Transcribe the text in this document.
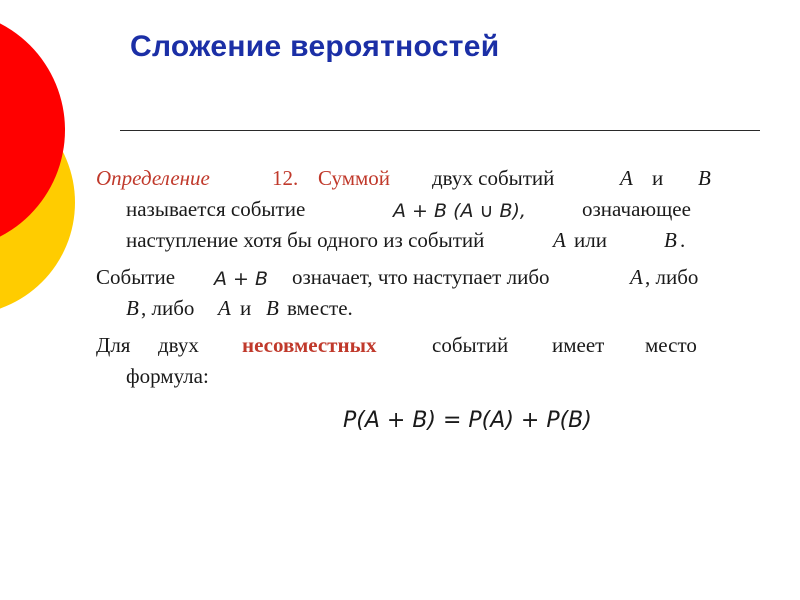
Сложение вероятностей
Определение	12. Суммой двух событий	A и B
называется событие	A + B (A ∪ B),	означающее
наступление хотя бы одного из событий	A или	B .
Событие A + B означает, что наступает либо	A , либо
B , либо A и B вместе.
Для двух несовместных	событий имеет место
формула:
P(A + B) = P(A) + P(B)
